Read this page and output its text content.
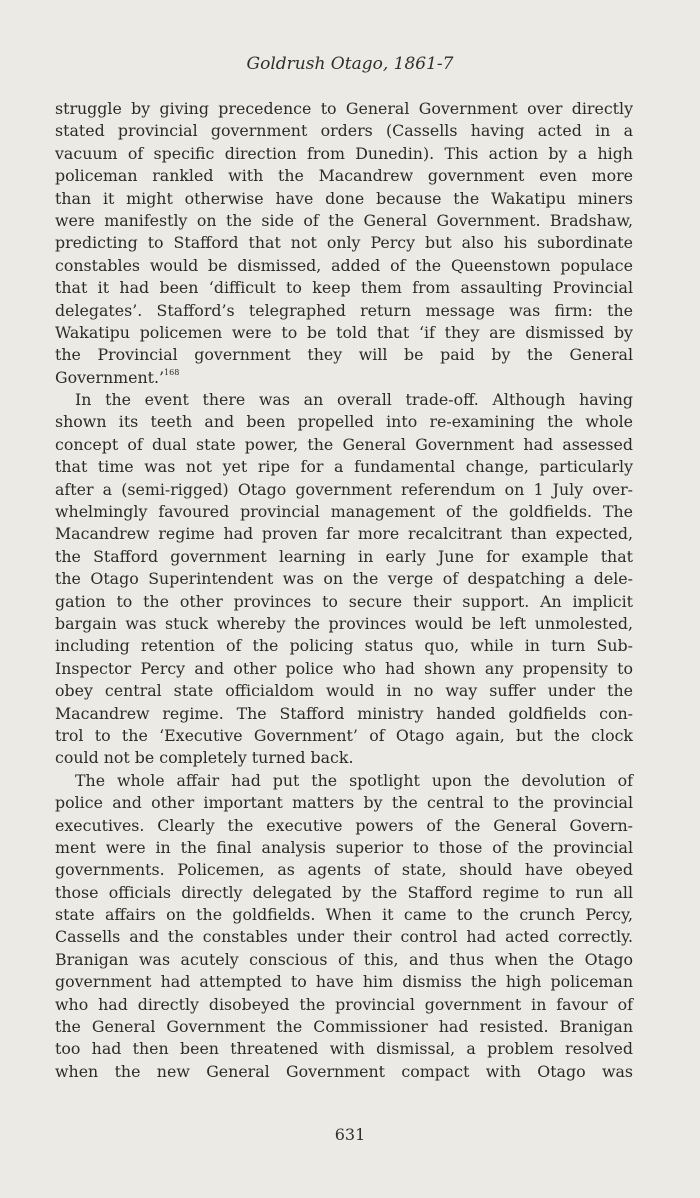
Goldrush Otago, 1861-7

struggle by giving precedence to General Government over directly
stated provincial government orders (Cassells having acted in a
vacuum of specific direction from Dunedin). This action by a high
policeman rankled with the Macandrew government even more
than it might otherwise have done because the Wakatipu miners
were manifestly on the side of the General Government. Bradshaw,
predicting to Stafford that not only Percy but also his subordinate
constables would be dismissed, added of the Queenstown populace
that it had been ‘difficult to keep them from assaulting Provincial
delegates’. Stafford’s telegraphed return message was firm: the
Wakatipu policemen were to be told that ‘if they are dismissed by
the Provincial government they will be paid by the General
Government.’$^{168}$

In the event there was an overall trade-off. Although having
shown its teeth and been propelled into re-examining the whole
concept of dual state power, the General Government had assessed
that time was not yet ripe for a fundamental change, particularly
after a (semi-rigged) Otago government referendum on 1 July over-
whelmingly favoured provincial management of the goldfields. The
Macandrew regime had proven far more recalcitrant than expected,
the Stafford government learning in early June for example that
the Otago Superintendent was on the verge of despatching a dele-
gation to the other provinces to secure their support. An implicit
bargain was stuck whereby the provinces would be left unmolested,
including retention of the policing status quo, while in turn Sub-
Inspector Percy and other police who had shown any propensity to
obey central state officialdom would in no way suffer under the
Macandrew regime. The Stafford ministry handed goldfields con-
trol to the ‘Executive Government’ of Otago again, but the clock
could not be completely turned back.

The whole affair had put the spotlight upon the devolution of
police and other important matters by the central to the provincial
executives. Clearly the executive powers of the General Govern-
ment were in the final analysis superior to those of the provincial
governments. Policemen, as agents of state, should have obeyed
those officials directly delegated by the Stafford regime to run all
state affairs on the goldfields. When it came to the crunch Percy,
Cassells and the constables under their control had acted correctly.
Branigan was acutely conscious of this, and thus when the Otago
government had attempted to have him dismiss the high policeman
who had directly disobeyed the provincial government in favour of
the General Government the Commissioner had resisted. Branigan
too had then been threatened with dismissal, a problem resolved
when the new General Government compact with Otago was

631
